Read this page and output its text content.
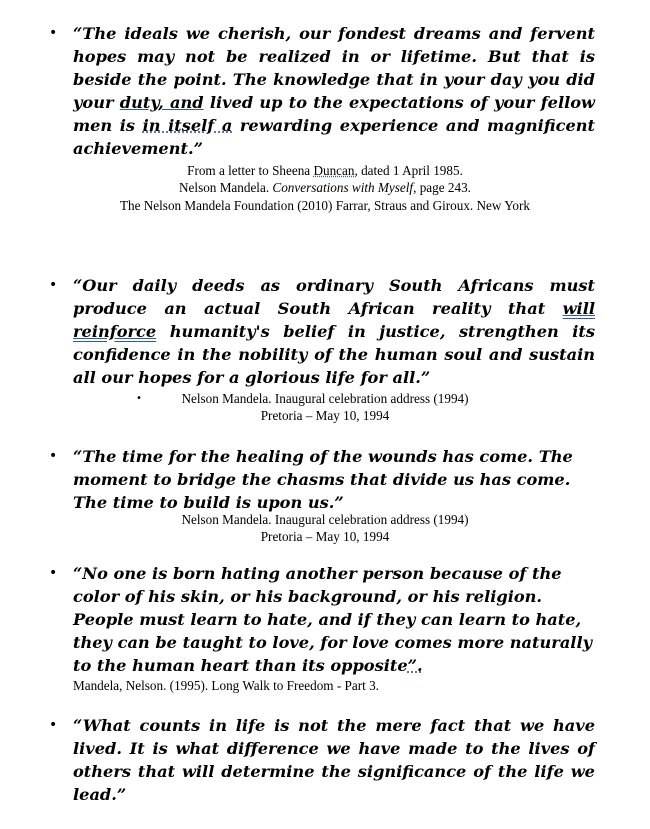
• “The ideals we cherish, our fondest dreams and fervent hopes may not be realized in or lifetime. But that is beside the point. The knowledge that in your day you did your duty, and lived up to the expectations of your fellow men is in itself a rewarding experience and magnificent achievement.”

From a letter to Sheena Duncan, dated 1 April 1985.

Nelson Mandela. Conversations with Myself, page 243.

The Nelson Mandela Foundation (2010) Farrar, Straus and Giroux. New York

• “Our daily deeds as ordinary South Africans must produce an actual South African reality that will reinforce humanity's belief in justice, strengthen its confidence in the nobility of the human soul and sustain all our hopes for a glorious life for all.”

•	Nelson Mandela. Inaugural celebration address (1994)

Pretoria – May 10, 1994

• “The time for the healing of the wounds has come. The moment to bridge the chasms that divide us has come. The time to build is upon us.”

Nelson Mandela. Inaugural celebration address (1994)

Pretoria – May 10, 1994

• “No one is born hating another person because of the color of his skin, or his background, or his religion. People must learn to hate, and if they can learn to hate, they can be taught to love, for love comes more naturally to the human heart than its opposite”.

Mandela, Nelson. (1995). Long Walk to Freedom - Part 3.

• “What counts in life is not the mere fact that we have lived. It is what difference we have made to the lives of others that will determine the significance of the life we lead.”
